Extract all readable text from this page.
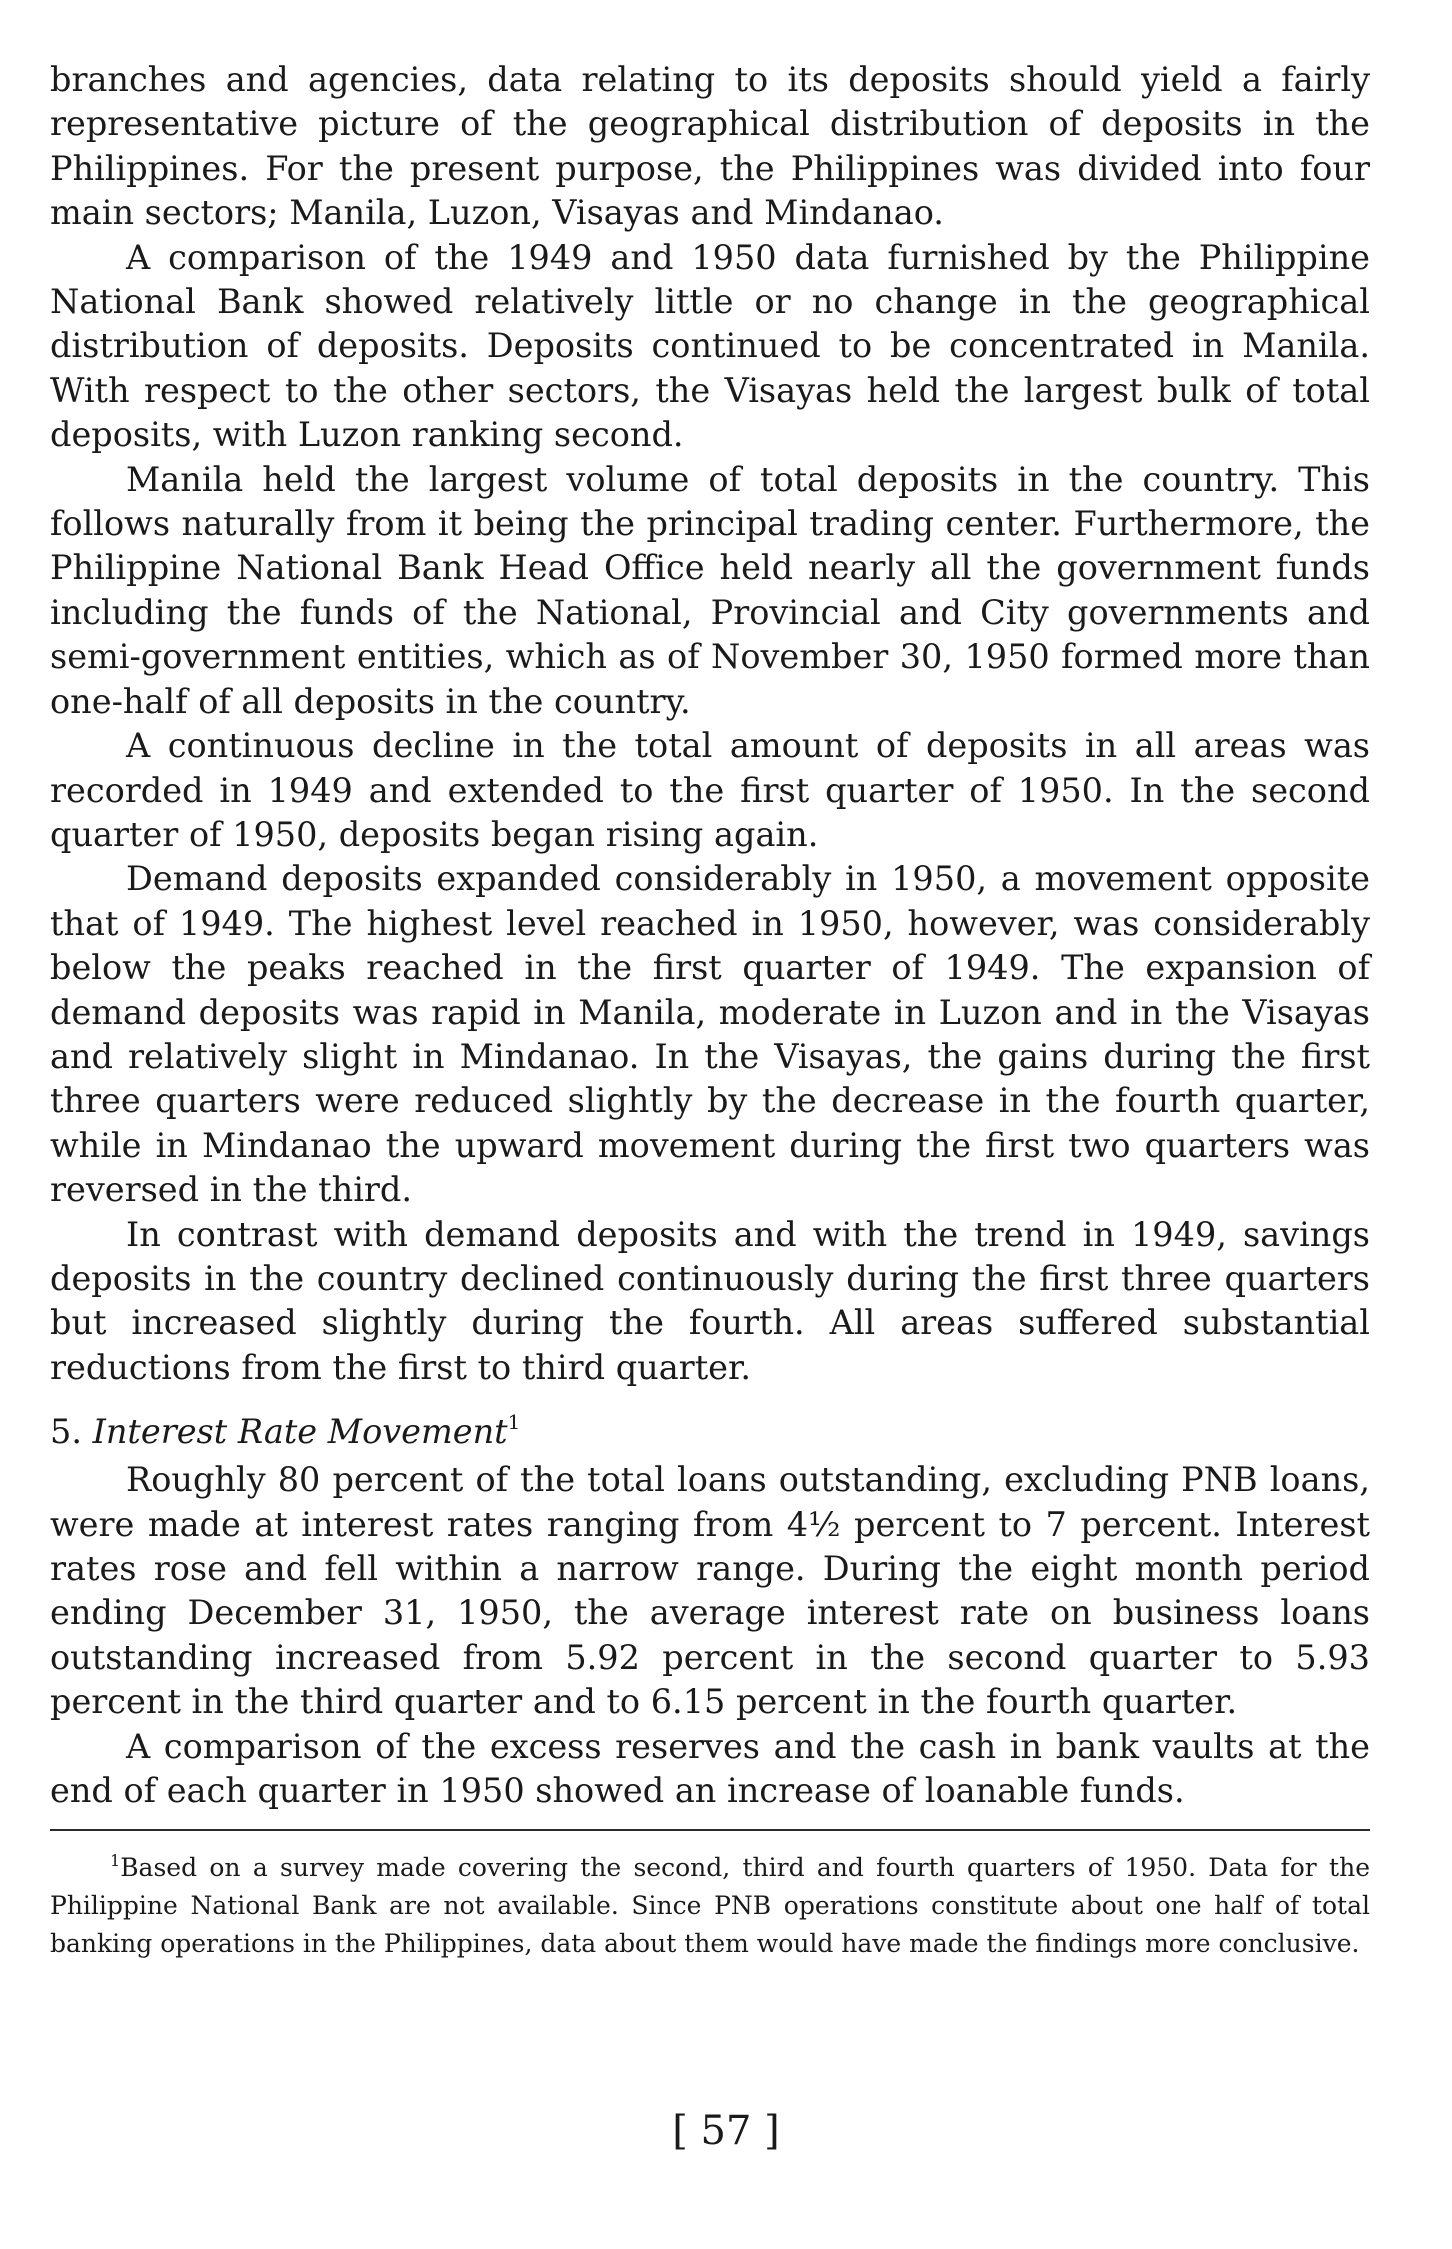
branches and agencies, data relating to its deposits should yield a fairly representative picture of the geographical distribution of deposits in the Philippines. For the present purpose, the Philippines was divided into four main sectors; Manila, Luzon, Visayas and Mindanao.

A comparison of the 1949 and 1950 data furnished by the Philippine National Bank showed relatively little or no change in the geographical distribution of deposits. Deposits continued to be concentrated in Manila. With respect to the other sectors, the Visayas held the largest bulk of total deposits, with Luzon ranking second.

Manila held the largest volume of total deposits in the country. This follows naturally from it being the principal trading center. Furthermore, the Philippine National Bank Head Office held nearly all the government funds including the funds of the National, Provincial and City governments and semi-government entities, which as of November 30, 1950 formed more than one-half of all deposits in the country.

A continuous decline in the total amount of deposits in all areas was recorded in 1949 and extended to the first quarter of 1950. In the second quarter of 1950, deposits began rising again.

Demand deposits expanded considerably in 1950, a movement opposite that of 1949. The highest level reached in 1950, however, was considerably below the peaks reached in the first quarter of 1949. The expansion of demand deposits was rapid in Manila, moderate in Luzon and in the Visayas and relatively slight in Mindanao. In the Visayas, the gains during the first three quarters were reduced slightly by the decrease in the fourth quarter, while in Mindanao the upward movement during the first two quarters was reversed in the third.

In contrast with demand deposits and with the trend in 1949, savings deposits in the country declined continuously during the first three quarters but increased slightly during the fourth. All areas suffered substantial reductions from the first to third quarter.

5. Interest Rate Movement$^1$

Roughly 80 percent of the total loans outstanding, excluding PNB loans, were made at interest rates ranging from 4½ percent to 7 percent. Interest rates rose and fell within a narrow range. During the eight month period ending December 31, 1950, the average interest rate on business loans outstanding increased from 5.92 percent in the second quarter to 5.93 percent in the third quarter and to 6.15 percent in the fourth quarter.

A comparison of the excess reserves and the cash in bank vaults at the end of each quarter in 1950 showed an increase of loanable funds.

$^1$Based on a survey made covering the second, third and fourth quarters of 1950. Data for the Philippine National Bank are not available. Since PNB operations constitute about one half of total banking operations in the Philippines, data about them would have made the findings more conclusive.

[ 57 ]
